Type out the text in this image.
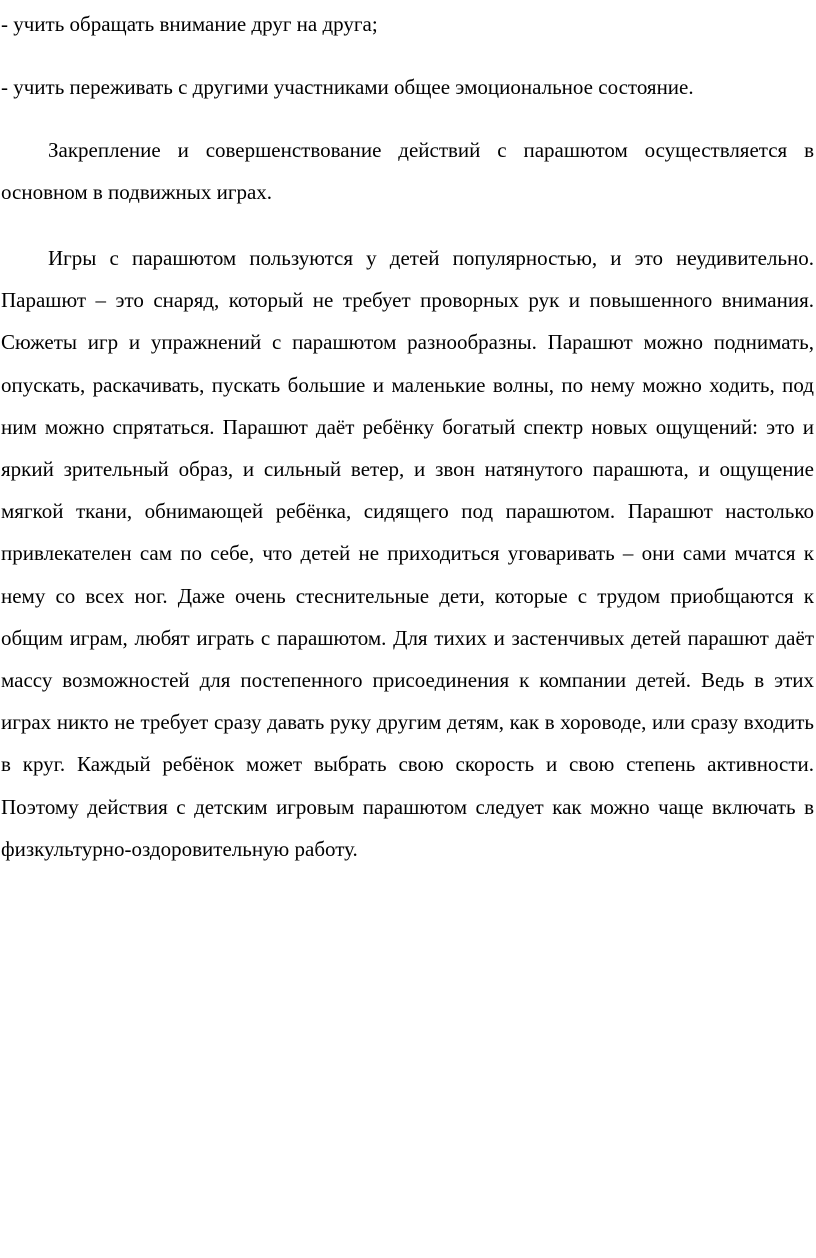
- учить обращать внимание друг на друга;

- учить переживать с другими участниками общее эмоциональное состояние.

Закрепление и совершенствование действий с парашютом осуществляется в основном в подвижных играх.

Игры с парашютом пользуются у детей популярностью, и это неудивительно. Парашют – это снаряд, который не требует проворных рук и повышенного внимания. Сюжеты игр и упражнений с парашютом разнообразны. Парашют можно поднимать, опускать, раскачивать, пускать большие и маленькие волны, по нему можно ходить, под ним можно спрятаться. Парашют даёт ребёнку богатый спектр новых ощущений: это и яркий зрительный образ, и сильный ветер, и звон натянутого парашюта, и ощущение мягкой ткани, обнимающей ребёнка, сидящего под парашютом. Парашют настолько привлекателен сам по себе, что детей не приходиться уговаривать – они сами мчатся к нему со всех ног. Даже очень стеснительные дети, которые с трудом приобщаются к общим играм, любят играть с парашютом. Для тихих и застенчивых детей парашют даёт массу возможностей для постепенного присоединения к компании детей. Ведь в этих играх никто не требует сразу давать руку другим детям, как в хороводе, или сразу входить в круг. Каждый ребёнок может выбрать свою скорость и свою степень активности. Поэтому действия с детским игровым парашютом следует как можно чаще включать в физкультурно-оздоровительную работу.
